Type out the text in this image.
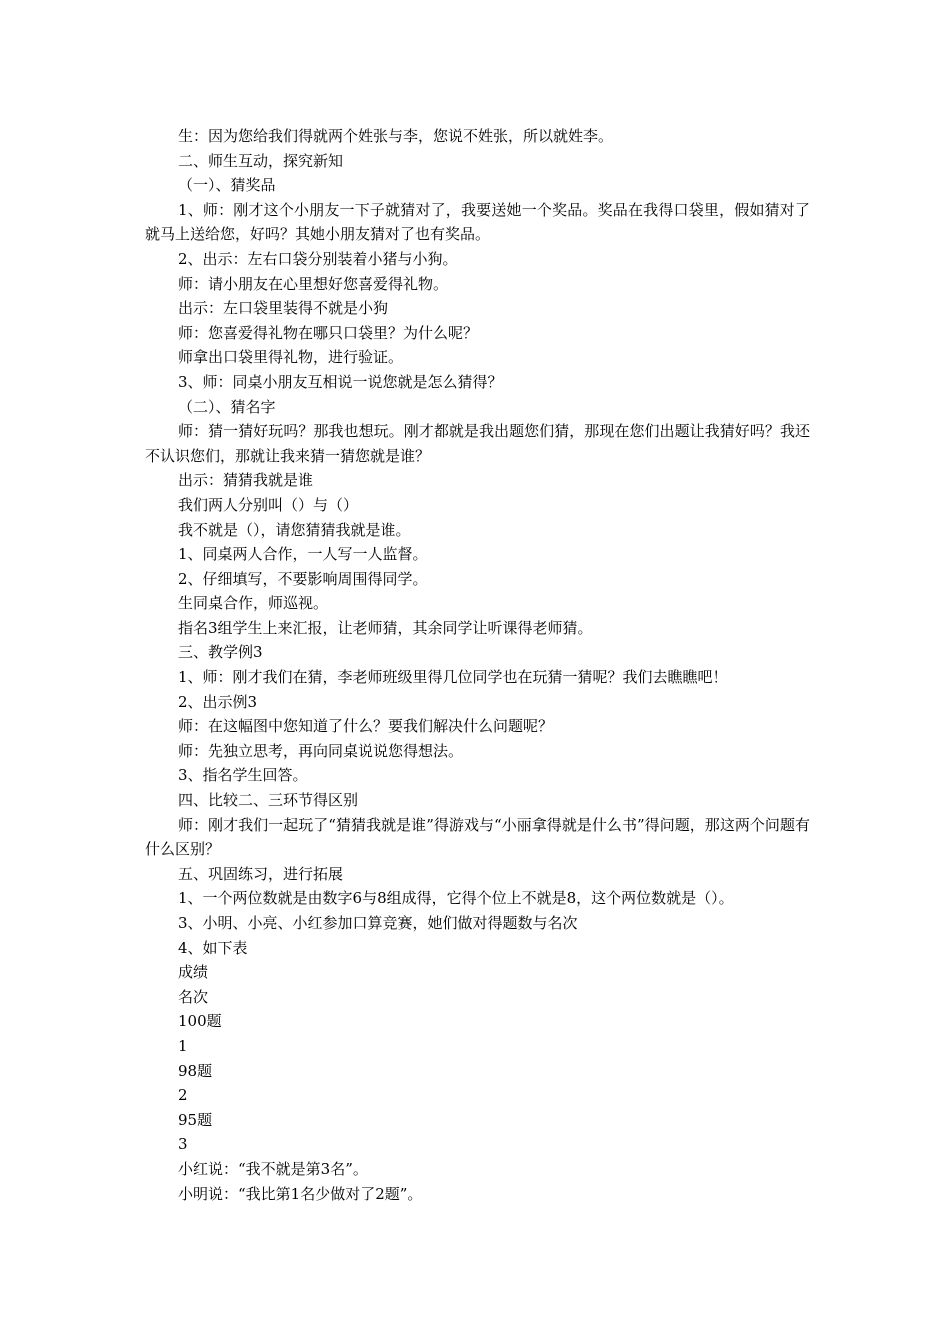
生：因为您给我们得就两个姓张与李，您说不姓张，所以就姓李。

二、师生互动，探究新知

（一）、猜奖品

1、师：刚才这个小朋友一下子就猜对了，我要送她一个奖品。奖品在我得口袋里，假如猜对了就马上送给您，好吗？其她小朋友猜对了也有奖品。

2、出示：左右口袋分别装着小猪与小狗。

师：请小朋友在心里想好您喜爱得礼物。

出示：左口袋里装得不就是小狗

师：您喜爱得礼物在哪只口袋里？为什么呢？

师拿出口袋里得礼物，进行验证。

3、师：同桌小朋友互相说一说您就是怎么猜得？

（二）、猜名字

师：猜一猜好玩吗？那我也想玩。刚才都就是我出题您们猜，那现在您们出题让我猜好吗？我还不认识您们，那就让我来猜一猜您就是谁？

出示：猜猜我就是谁

我们两人分别叫（）与（）

我不就是（），请您猜猜我就是谁。

1、同桌两人合作，一人写一人监督。

2、仔细填写，不要影响周围得同学。

生同桌合作，师巡视。

指名3组学生上来汇报，让老师猜，其余同学让听课得老师猜。

三、教学例3

1、师：刚才我们在猜，李老师班级里得几位同学也在玩猜一猜呢？我们去瞧瞧吧！

2、出示例3

师：在这幅图中您知道了什么？要我们解决什么问题呢？

师：先独立思考，再向同桌说说您得想法。

3、指名学生回答。

四、比较二、三环节得区别

师：刚才我们一起玩了“猜猜我就是谁”得游戏与“小丽拿得就是什么书”得问题，那这两个问题有什么区别？

五、巩固练习，进行拓展

1、一个两位数就是由数字6与8组成得，它得个位上不就是8，这个两位数就是（）。

3、小明、小亮、小红参加口算竞赛，她们做对得题数与名次

4、如下表

成绩

名次

100题

1

98题

2

95题

3

小红说：“我不就是第3名”。

小明说：“我比第1名少做对了2题”。
